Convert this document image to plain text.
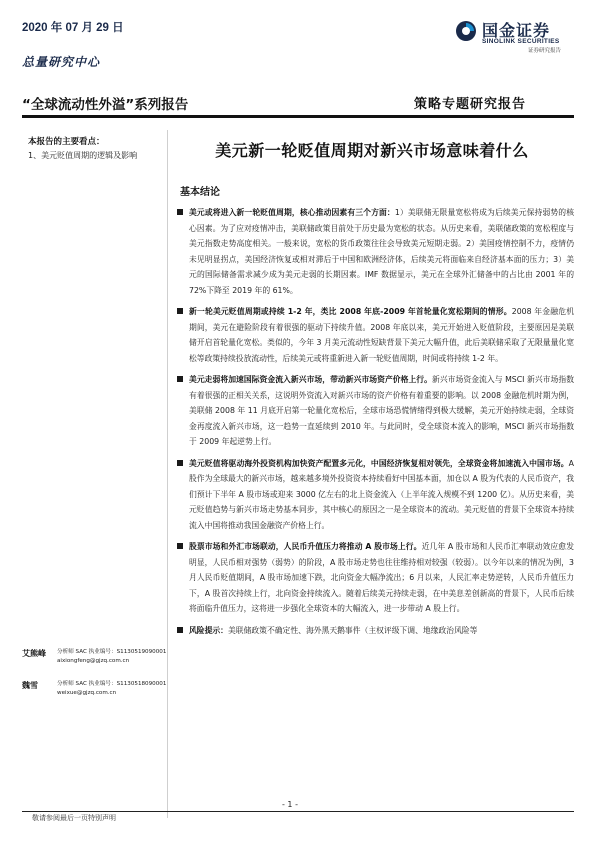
2020 年 07 月 29 日	国金证券
SINOLINK SECURITIES
证券研究报告
总量研究中心
“全球流动性外溢”系列报告	策略专题研究报告
本报告的主要看点：
1、美元贬值周期的逻辑及影响
艾熊峰 分析师 SAC 执业编号：S1130519090001
aixiongfeng@gjzq.com.cn
魏雪	分析师 SAC 执业编号：S1130518090001
weixue@gjzq.com.cn
美元新一轮贬值周期对新兴市场意味着什么
基本结论
美元或将进入新一轮贬值周期，核心推动因素有三个方面：1）美联储无限量宽松将成为后续美元保持弱势的核心因素。为了应对疫情冲击，美联储政策目前处于历史最为宽松的状态。从历史来看，美联储政策的宽松程度与美元指数走势高度相关。一般来说，宽松的货币政策往往会导致美元短期走弱。2）美国疫情控制不力，疫情仍未见明显拐点，美国经济恢复或相对滞后于中国和欧洲经济体，后续美元将面临来自经济基本面的压力；3）美元的国际储备需求减少成为美元走弱的长期因素。IMF 数据显示，美元在全球外汇储备中的占比由 2001 年的 72%下降至 2019 年的 61%。
新一轮美元贬值周期或持续 1-2 年，类比 2008 年底-2009 年首轮量化宽松期间的情形。2008 年金融危机期间，美元在避险阶段有着很强的驱动下持续升值。2008 年底以来，美元开始进入贬值阶段，主要原因是美联储开启首轮量化宽松。类似的，今年 3 月美元流动性短缺背景下美元大幅升值，此后美联储采取了无限量量化宽松等政策持续投放流动性，后续美元或将重新进入新一轮贬值周期，时间或将持续 1-2 年。
美元走弱将加速国际资金流入新兴市场，带动新兴市场资产价格上行。新兴市场资金流入与 MSCI 新兴市场指数有着很强的正相关关系，这说明外资流入对新兴市场的资产价格有着重要的影响。以 2008 金融危机时期为例，美联储 2008 年 11 月底开启第一轮量化宽松后，全球市场恐慌情绪得到极大缓解，美元开始持续走弱，全球资金再度流入新兴市场，这一趋势一直延续到 2010 年。与此同时，受全球资本流入的影响，MSCI 新兴市场指数于 2009 年起逆势上行。
美元贬值将驱动海外投资机构加快资产配置多元化，中国经济恢复相对领先，全球资金将加速流入中国市场。A 股作为全球最大的新兴市场，越来越多境外投资资本持续看好中国基本面，加仓以 A 股为代表的人民币资产，我们预计下半年 A 股市场或迎来 3000 亿左右的北上资金流入（上半年流入规模不到 1200 亿）。从历史来看，美元贬值趋势与新兴市场走势基本同步，其中核心的原因之一是全球资本的流动。美元贬值的背景下全球资本持续流入中国将推动我国金融资产价格上行。
股票市场和外汇市场联动，人民币升值压力将推动 A 股市场上行。近几年 A 股市场和人民币汇率联动效应愈发明显，人民币相对强势（弱势）的阶段，A 股市场走势也往往维持相对较强（较弱）。以今年以来的情况为例，3 月人民币贬值期间，A 股市场加速下跌，北向资金大幅净流出；6 月以来，人民汇率走势逆转，人民币升值压力下，A 股首次持续上行，北向资金持续流入。随着后续美元持续走弱，在中美息差创新高的背景下，人民币后续将面临升值压力，这将进一步强化全球资本的大幅流入，进一步带动 A 股上行。
风险提示：美联储政策不确定性、海外黑天鹅事件（主权评级下调、地缘政治风险等
- 1 -
敬请参阅最后一页特别声明
